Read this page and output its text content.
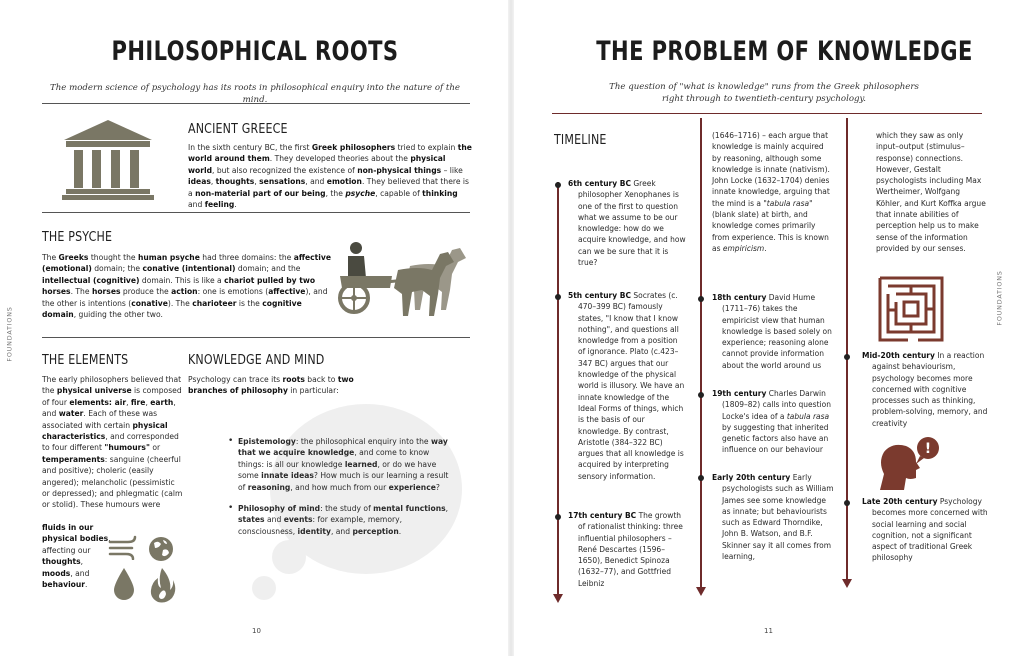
PHILOSOPHICAL ROOTS
The modern science of psychology has its roots in philosophical enquiry into the nature of the mind.
ANCIENT GREECE
In the sixth century BC, the first Greek philosophers tried to explain the world around them. They developed theories about the physical world, but also recognized the existence of non-physical things – like ideas, thoughts, sensations, and emotion. They believed that there is a non-material part of our being, the psyche, capable of thinking and feeling.
THE PSYCHE
The Greeks thought the human psyche had three domains: the affective (emotional) domain; the conative (intentional) domain; and the intellectual (cognitive) domain. This is like a chariot pulled by two horses. The horses produce the action: one is emotions (affective), and the other is intentions (conative). The charioteer is the cognitive domain, guiding the other two.
THE ELEMENTS
The early philosophers believed that the physical universe is composed of four elements: air, fire, earth, and water. Each of these was associated with certain physical characteristics, and corresponded to four different "humours" or temperaments: sanguine (cheerful and positive); choleric (easily angered); melancholic (pessimistic or depressed); and phlegmatic (calm or stolid). These humours were
fluids in our physical bodies, affecting our thoughts, moods, and behaviour.
KNOWLEDGE AND MIND
Psychology can trace its roots back to two branches of philosophy in particular:
• Epistemology: the philosophical enquiry into the way that we acquire knowledge, and come to know things: is all our knowledge learned, or do we have some innate ideas? How much is our learning a result of reasoning, and how much from our experience?
• Philosophy of mind: the study of mental functions, states and events: for example, memory, consciousness, identity, and perception.
FOUNDATIONS
10
THE PROBLEM OF KNOWLEDGE
The question of "what is knowledge" runs from the Greek philosophers
right through to twentieth-century psychology.
TIMELINE
6th century BC Greek philosopher Xenophanes is one of the first to question what we assume to be our knowledge: how do we acquire knowledge, and how can we be sure that it is true?
5th century BC Socrates (c. 470–399 BC) famously states, "I know that I know nothing", and questions all knowledge from a position of ignorance. Plato (c.423–347 BC) argues that our knowledge of the physical world is illusory. We have an innate knowledge of the Ideal Forms of things, which is the basis of our knowledge. By contrast, Aristotle (384–322 BC) argues that all knowledge is acquired by interpreting sensory information.
17th century BC The growth of rationalist thinking: three influential philosophers – René Descartes (1596–1650), Benedict Spinoza (1632–77), and Gottfried Leibniz
(1646–1716) – each argue that knowledge is mainly acquired by reasoning, although some knowledge is innate (nativism). John Locke (1632–1704) denies innate knowledge, arguing that the mind is a "tabula rasa" (blank slate) at birth, and knowledge comes primarily from experience. This is known as empiricism.
18th century David Hume (1711–76) takes the empiricist view that human knowledge is based solely on experience; reasoning alone cannot provide information about the world around us
19th century Charles Darwin (1809–82) calls into question Locke's idea of a tabula rasa by suggesting that inherited genetic factors also have an influence on our behaviour
Early 20th century Early psychologists such as William James see some knowledge as innate; but behaviourists such as Edward Thorndike, John B. Watson, and B.F. Skinner say it all comes from learning,
which they saw as only input–output (stimulus–response) connections. However, Gestalt psychologists including Max Wertheimer, Wolfgang Köhler, and Kurt Koffka argue that innate abilities of perception help us to make sense of the information provided by our senses.
Mid-20th century In a reaction against behaviourism, psychology becomes more concerned with cognitive processes such as thinking, problem-solving, memory, and creativity
!
Late 20th century Psychology becomes more concerned with social learning and social cognition, not a significant aspect of traditional Greek philosophy
FOUNDATIONS
11
